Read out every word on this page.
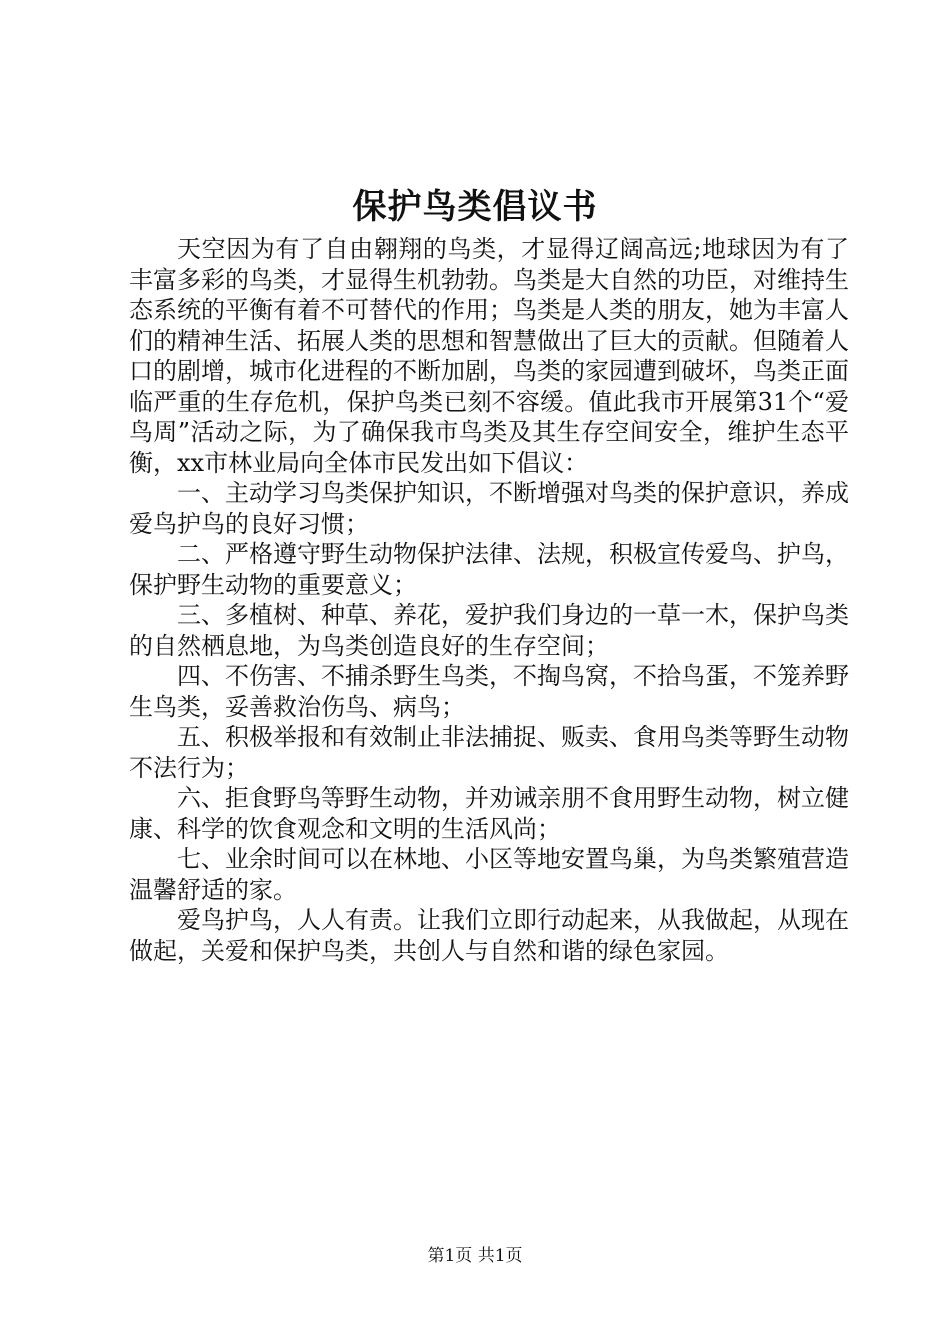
保护鸟类倡议书

天空因为有了自由翱翔的鸟类，才显得辽阔高远;地球因为有了丰富多彩的鸟类，才显得生机勃勃。鸟类是大自然的功臣，对维持生态系统的平衡有着不可替代的作用；鸟类是人类的朋友，她为丰富人们的精神生活、拓展人类的思想和智慧做出了巨大的贡献。但随着人口的剧增，城市化进程的不断加剧，鸟类的家园遭到破坏，鸟类正面临严重的生存危机，保护鸟类已刻不容缓。值此我市开展第31个“爱鸟周”活动之际，为了确保我市鸟类及其生存空间安全，维护生态平衡，xx市林业局向全体市民发出如下倡议：

一、主动学习鸟类保护知识，不断增强对鸟类的保护意识，养成爱鸟护鸟的良好习惯；

二、严格遵守野生动物保护法律、法规，积极宣传爱鸟、护鸟，保护野生动物的重要意义；

三、多植树、种草、养花，爱护我们身边的一草一木，保护鸟类的自然栖息地，为鸟类创造良好的生存空间；

四、不伤害、不捕杀野生鸟类，不掏鸟窝，不拾鸟蛋，不笼养野生鸟类，妥善救治伤鸟、病鸟；

五、积极举报和有效制止非法捕捉、贩卖、食用鸟类等野生动物不法行为；

六、拒食野鸟等野生动物，并劝诫亲朋不食用野生动物，树立健康、科学的饮食观念和文明的生活风尚；

七、业余时间可以在林地、小区等地安置鸟巢，为鸟类繁殖营造温馨舒适的家。

爱鸟护鸟，人人有责。让我们立即行动起来，从我做起，从现在做起，关爱和保护鸟类，共创人与自然和谐的绿色家园。

第1页 共1页
